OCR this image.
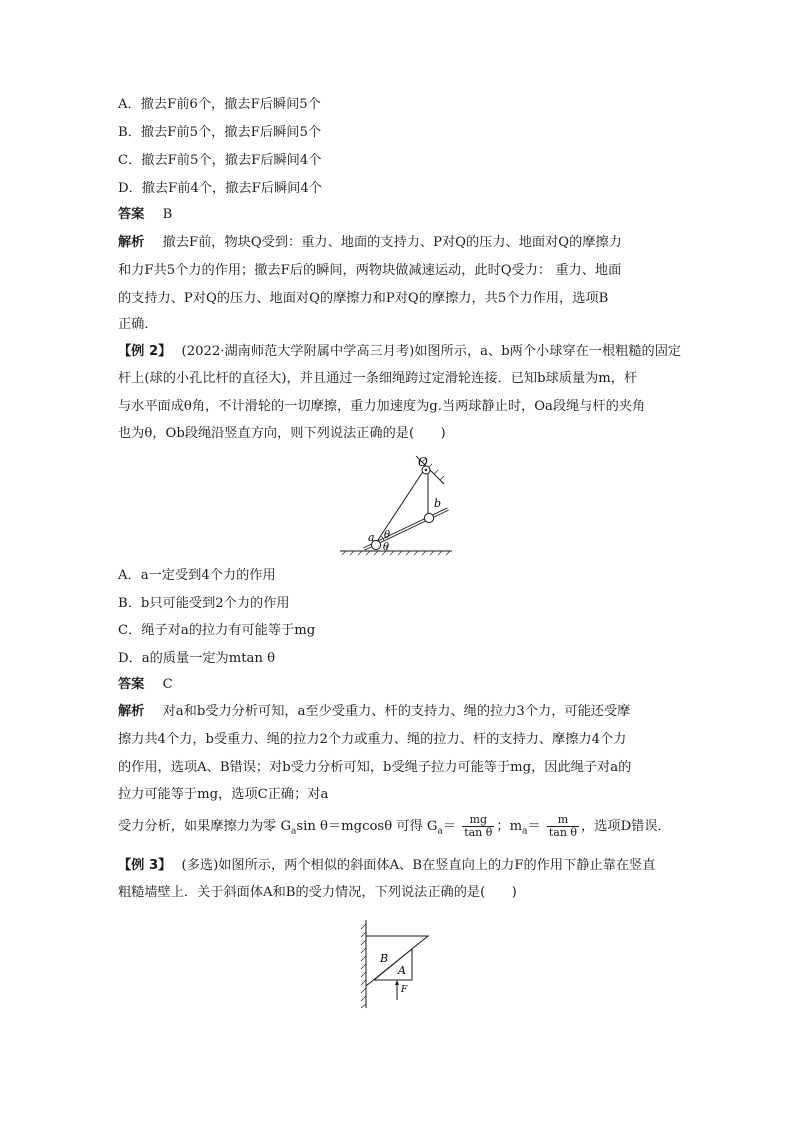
A．撤去F前6个，撤去F后瞬间5个
B．撤去F前5个，撤去F后瞬间5个
C．撤去F前5个，撤去F后瞬间4个
D．撤去F前4个，撤去F后瞬间4个
答案 B
解析 撤去F前，物块Q受到：重力、地面的支持力、P对Q的压力、地面对Q的摩擦力
和力F共5个力的作用；撤去F后的瞬间，两物块做减速运动，此时Q受力： 重力、地面
的支持力、P对Q的压力、地面对Q的摩擦力和P对Q的摩擦力，共5个力作用，选项B
正确．
【例 2】 (2022·湖南师范大学附属中学高三月考)如图所示，a、b两个小球穿在一根粗糙的固定
杆上(球的小孔比杆的直径大)，并且通过一条细绳跨过定滑轮连接．已知b球质量为m，杆
与水平面成θ角，不计滑轮的一切摩擦，重力加速度为g.当两球静止时，Oa段绳与杆的夹角
也为θ，Ob段绳沿竖直方向，则下列说法正确的是(　　)
O
b
a θ
θ
A．a一定受到4个力的作用
B．b只可能受到2个力的作用
C．绳子对a的拉力有可能等于mg
D．a的质量一定为mtan θ
答案 C
解析 对a和b受力分析可知，a至少受重力、杆的支持力、绳的拉力3个力，可能还受摩
擦力共4个力，b受重力、绳的拉力2个力或重力、绳的拉力、杆的支持力、摩擦力4个力
的作用，选项A、B错误；对b受力分析可知，b受绳子拉力可能等于mg，因此绳子对a的
拉力可能等于mg，选项C正确；对a
受力分析，如果摩擦力为零 $G_a\sin$ θ＝mgcosθ 可得 $G_a= \frac{mg}{\text{tan θ}}$ ；$m_a= \frac{m}{\text{tan θ}}$ ，选项D错误．
【例 3】 (多选)如图所示，两个相似的斜面体A、B在竖直向上的力F的作用下静止靠在竖直
粗糙墙壁上．关于斜面体A和B的受力情况，下列说法正确的是(　　)
B
A
F
